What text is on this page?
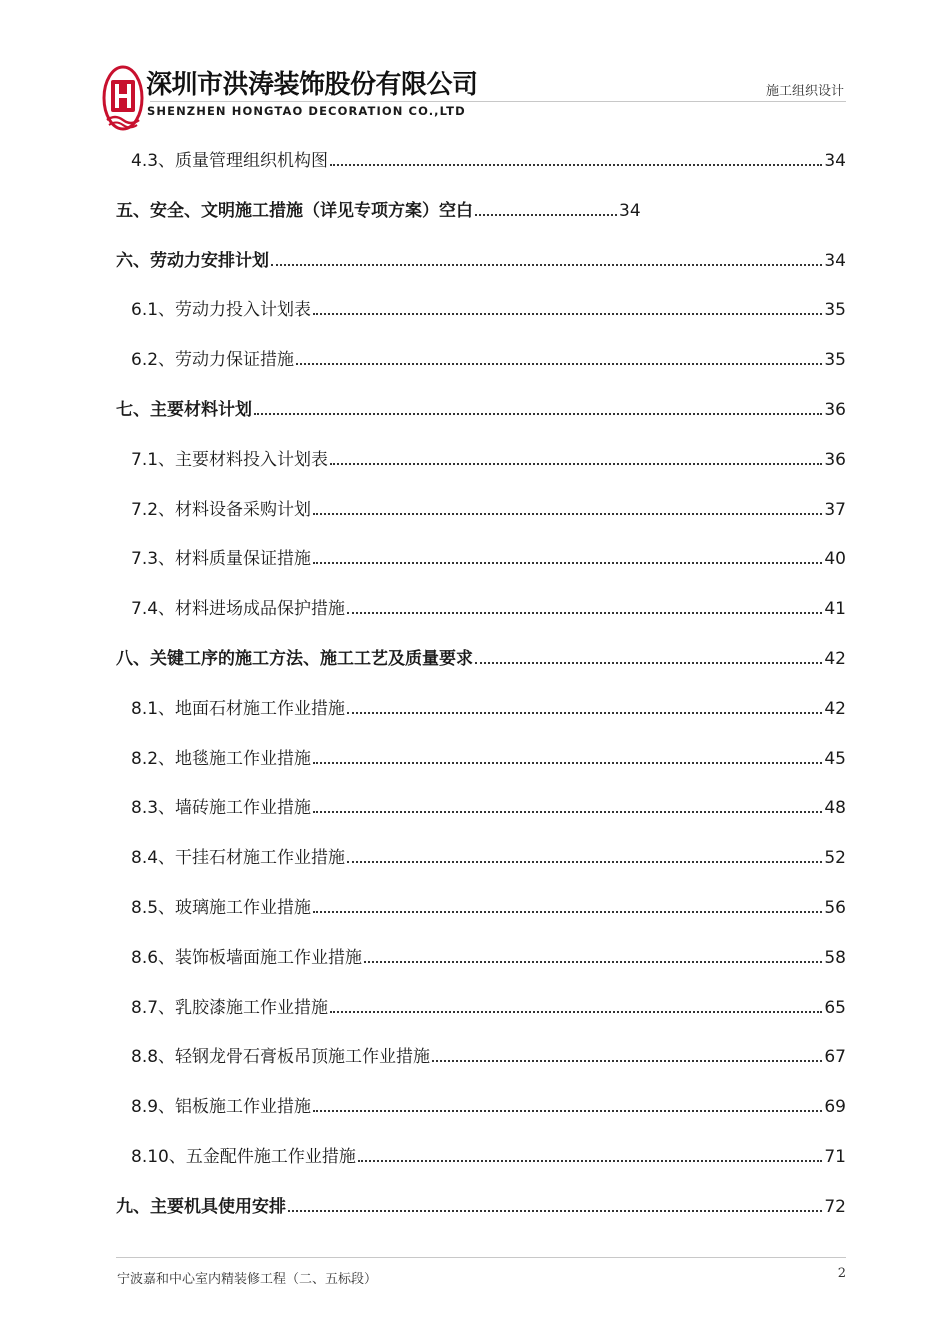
深圳市洪涛装饰股份有限公司
SHENZHEN HONGTAO DECORATION CO.,LTD
施工组织设计
4.3、质量管理组织机构图	34
五、安全、文明施工措施（详见专项方案）空白	34
六、劳动力安排计划	34
6.1、劳动力投入计划表	35
6.2、劳动力保证措施	35
七、主要材料计划	36
7.1、主要材料投入计划表	36
7.2、材料设备采购计划	37
7.3、材料质量保证措施	40
7.4、材料进场成品保护措施	41
八、关键工序的施工方法、施工工艺及质量要求	42
8.1、地面石材施工作业措施	42
8.2、地毯施工作业措施	45
8.3、墙砖施工作业措施	48
8.4、干挂石材施工作业措施	52
8.5、玻璃施工作业措施	56
8.6、装饰板墙面施工作业措施	58
8.7、乳胶漆施工作业措施	65
8.8、轻钢龙骨石膏板吊顶施工作业措施	67
8.9、铝板施工作业措施	69
8.10、五金配件施工作业措施	71
九、主要机具使用安排	72
宁波嘉和中心室内精装修工程（二、五标段）	2
